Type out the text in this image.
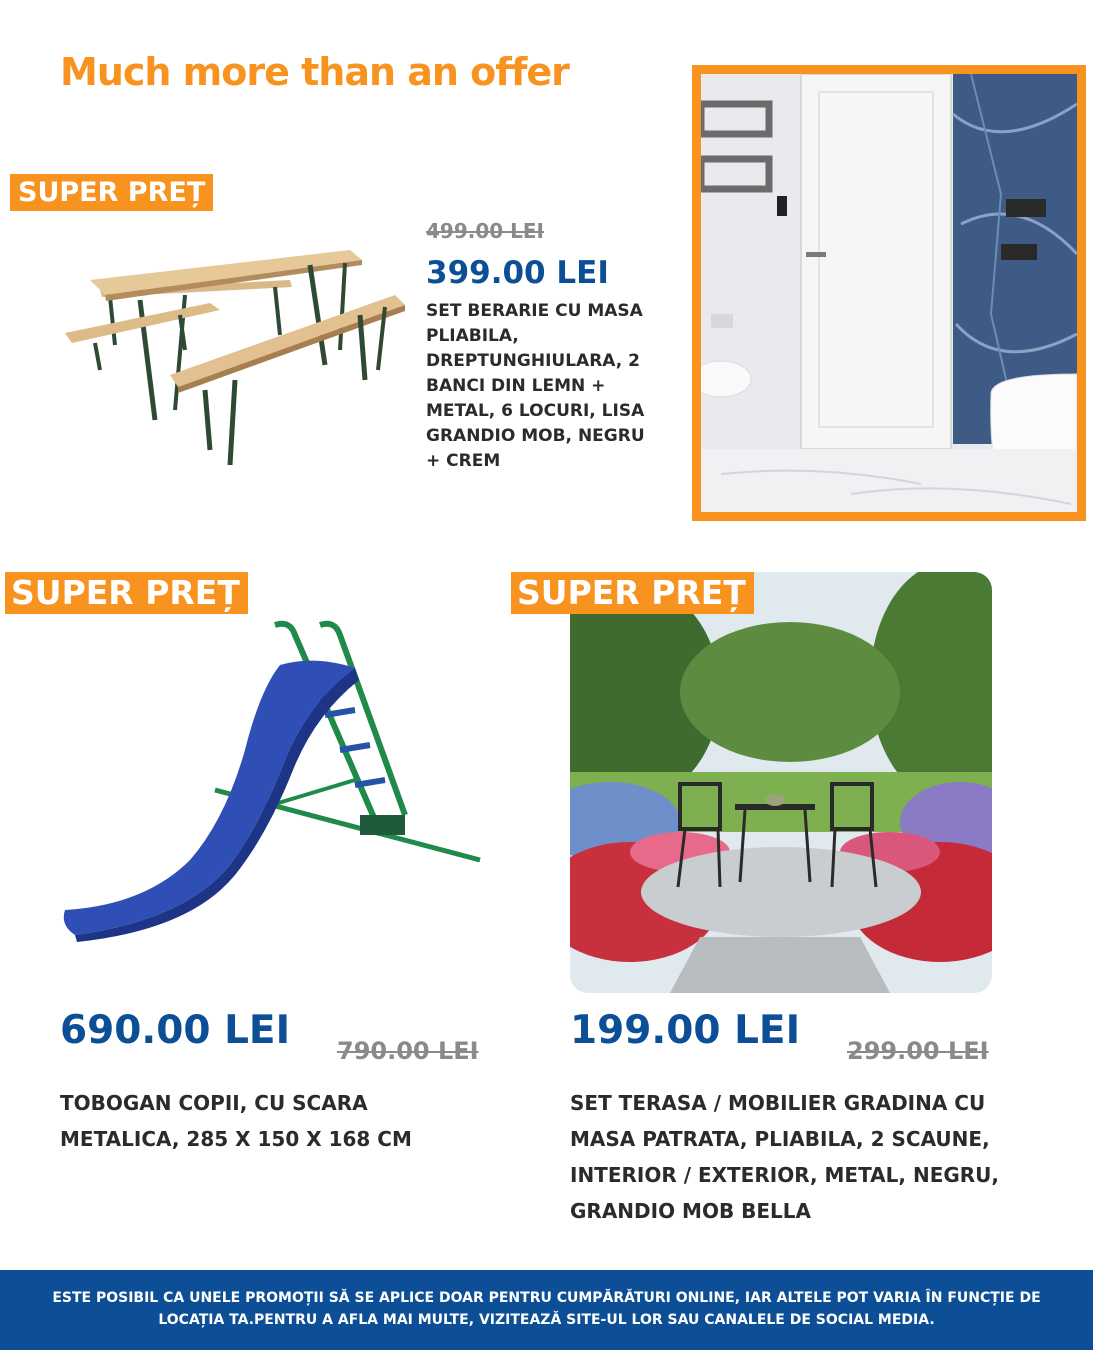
Much more than an offer
SUPER PREȚ
499.00 LEI
399.00 LEI
SET BERARIE CU MASA PLIABILA, DREPTUNGHIULARA, 2 BANCI DIN LEMN + METAL, 6 LOCURI, LISA GRANDIO MOB, NEGRU + CREM
SUPER PREȚ
690.00 LEI 790.00 LEI
TOBOGAN COPII, CU SCARA METALICA, 285 X 150 X 168 CM
SUPER PREȚ
199.00 LEI 299.00 LEI
SET TERASA / MOBILIER GRADINA CU MASA PATRATA, PLIABILA, 2 SCAUNE, INTERIOR / EXTERIOR, METAL, NEGRU, GRANDIO MOB BELLA
ESTE POSIBIL CA UNELE PROMOȚII SĂ SE APLICE DOAR PENTRU CUMPĂRĂTURI ONLINE, IAR ALTELE POT VARIA ÎN FUNCȚIE DE LOCAȚIA TA.PENTRU A AFLA MAI MULTE, VIZITEAZĂ SITE-UL LOR SAU CANALELE DE SOCIAL MEDIA.
